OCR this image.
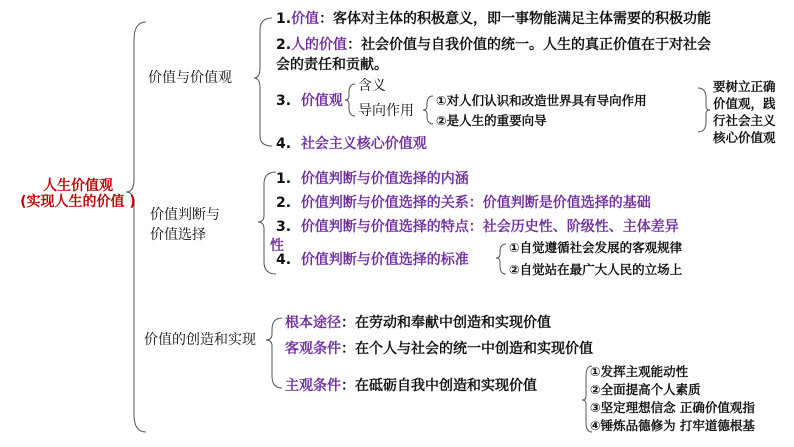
人生价值观
(实现人生的价值 )
价值与价值观
1.价值：客体对主体的积极意义，即一事物能满足主体需要的积极功能
2.人的价值：社会价值与自我价值的统一。人生的真正价值在于对社会
会的责任和贡献。
3. 价值观
含义
导向作用
①对人们认识和改造世界具有导向作用
②是人生的重要向导
要树立正确
价值观，践
行社会主义
核心价值观
4. 社会主义核心价值观
价值判断与
价值选择
1. 价值判断与价值选择的内涵
2. 价值判断与价值选择的关系：价值判断是价值选择的基础
3. 价值判断与价值选择的特点：社会历史性、阶级性、主体差异
性
4. 价值判断与价值选择的标准
①自觉遵循社会发展的客观规律
②自觉站在最广大人民的立场上
价值的创造和实现
根本途径：在劳动和奉献中创造和实现价值
客观条件：在个人与社会的统一中创造和实现价值
主观条件：在砥砺自我中创造和实现价值
①发挥主观能动性
②全面提高个人素质
③坚定理想信念 正确价值观指
④锤炼品德修为 打牢道德根基
